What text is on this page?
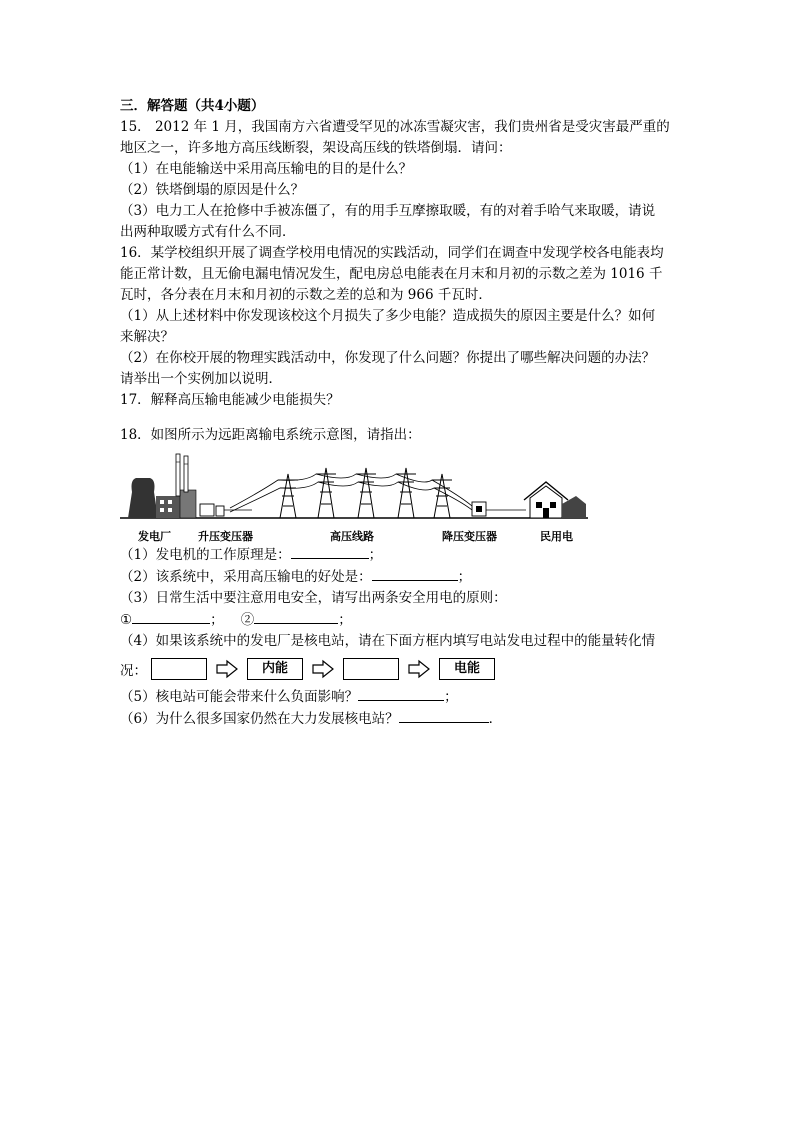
三．解答题（共4小题）
15． 2012 年 1 月，我国南方六省遭受罕见的冰冻雪凝灾害，我们贵州省是受灾害最严重的
地区之一，许多地方高压线断裂，架设高压线的铁塔倒塌．请问：
（1）在电能输送中采用高压输电的目的是什么？
（2）铁塔倒塌的原因是什么？
（3）电力工人在抢修中手被冻僵了，有的用手互摩擦取暖，有的对着手哈气来取暖，请说
出两种取暖方式有什么不同．
16．某学校组织开展了调查学校用电情况的实践活动，同学们在调查中发现学校各电能表均
能正常计数，且无偷电漏电情况发生，配电房总电能表在月末和月初的示数之差为 1016 千
瓦时，各分表在月末和月初的示数之差的总和为 966 千瓦时．
（1）从上述材料中你发现该校这个月损失了多少电能？造成损失的原因主要是什么？如何
来解决？
（2）在你校开展的物理实践活动中，你发现了什么问题？你提出了哪些解决问题的办法？
请举出一个实例加以说明．
17．解释高压输电能减少电能损失？
18．如图所示为远距离输电系统示意图，请指出：
发电厂 升压变压器	高压线路	降压变压器	民用电
（1）发电机的工作原理是：	；
（2）该系统中，采用高压输电的好处是：	；
（3）日常生活中要注意用电安全，请写出两条安全用电的原则：
①	； ②	；
（4）如果该系统中的发电厂是核电站，请在下面方框内填写电站发电过程中的能量转化情
况：	内能	电能
（5）核电站可能会带来什么负面影响？	；
（6）为什么很多国家仍然在大力发展核电站？	．
